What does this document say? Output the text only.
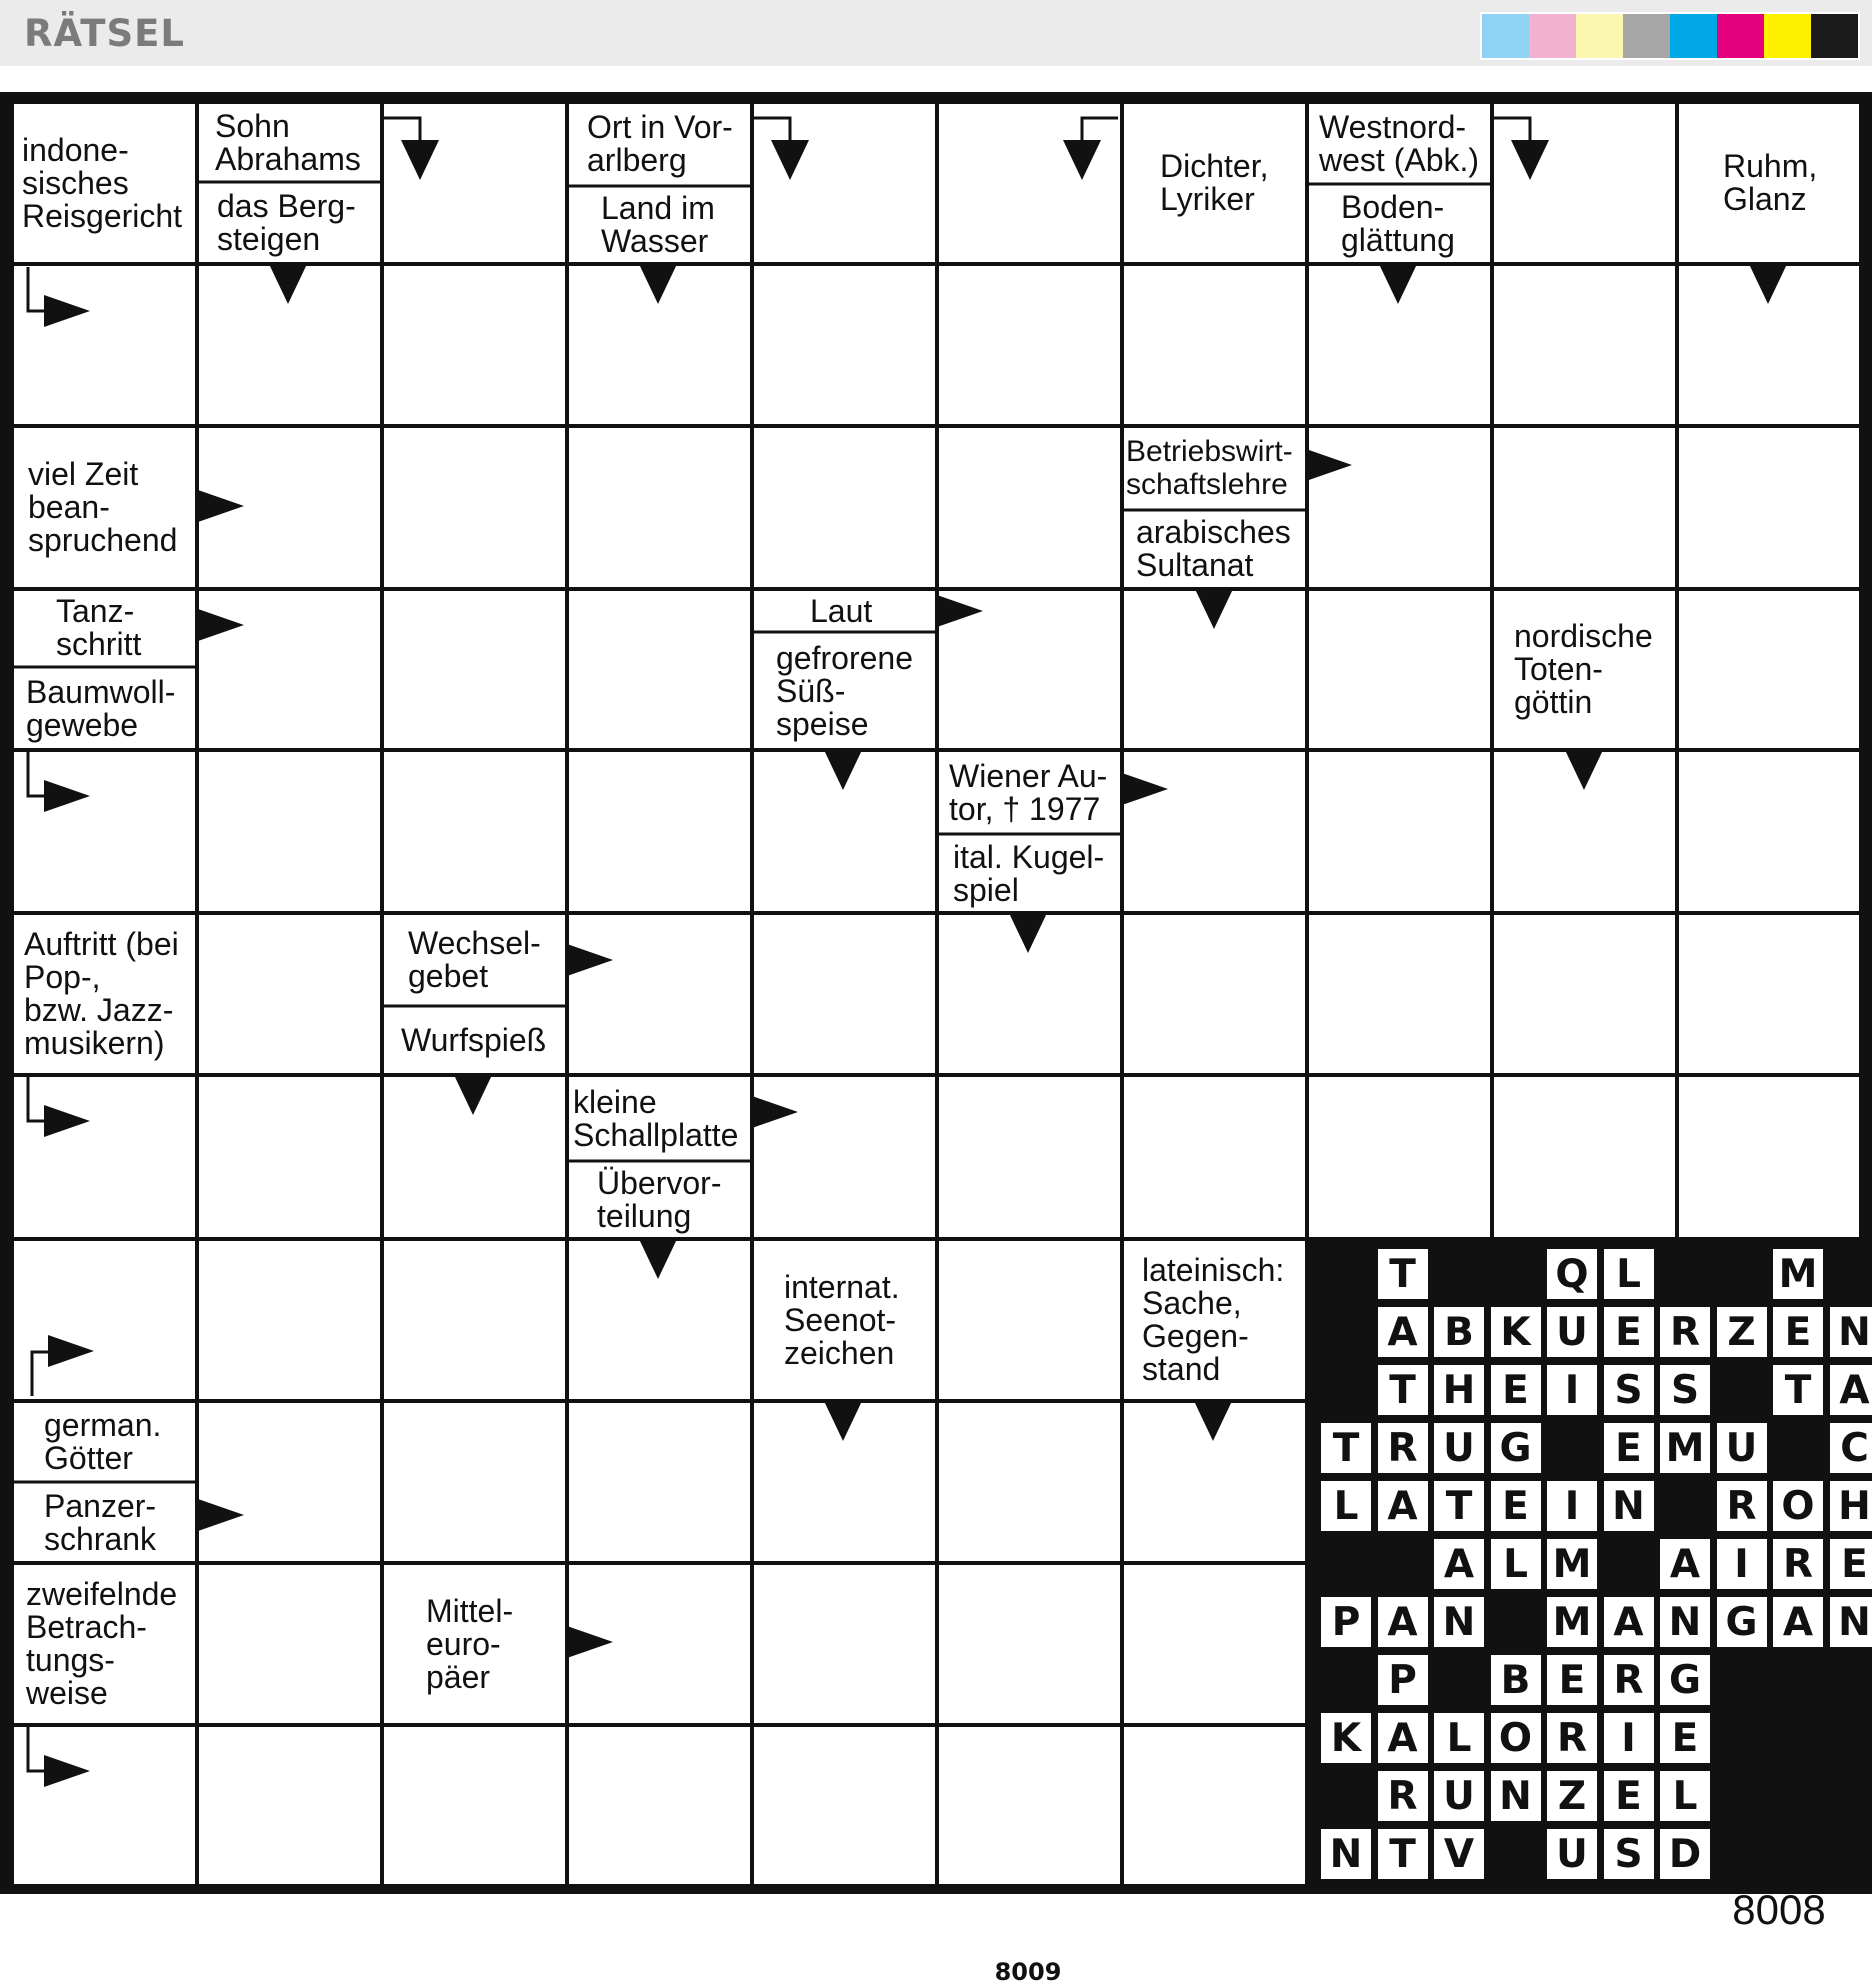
RÄTSEL
indone-
sisches
Reisgericht
Sohn
Abrahams
das Berg-
steigen
Ort in Vor-
arlberg
Land im
Wasser
Dichter,
Lyriker
Westnord-
west (Abk.)
Boden-
glättung
Ruhm,
Glanz
viel Zeit
bean-
spruchend
Betriebswirt-
schaftslehre
arabisches
Sultanat
Tanz-
schritt
Baumwoll-
gewebe
Laut
gefrorene
Süß-
speise
nordische
Toten-
göttin
Wiener Au-
tor, † 1977
ital. Kugel-
spiel
Auftritt (bei
Pop-,
bzw. Jazz-
musikern)
Wechsel-
gebet
Wurfspieß
kleine
Schallplatte
Übervor-
teilung
internat.
Seenot-
zeichen
lateinisch:
Sache,
Gegen-
stand
german.
Götter
Panzer-
schrank
zweifelnde
Betrach-
tungs-
weise
Mittel-
euro-
päer
T	Q L	M
A B K U E R Z E N
T H E I S S T A
T R U G E M U C
L A T E I N R O H
A L M A I R E
P A N M A N G A N
P B E R G
K A L O R I E
R U N Z E L
N T V U S D
Auf-
lösung
von Nr.
8008
8009
